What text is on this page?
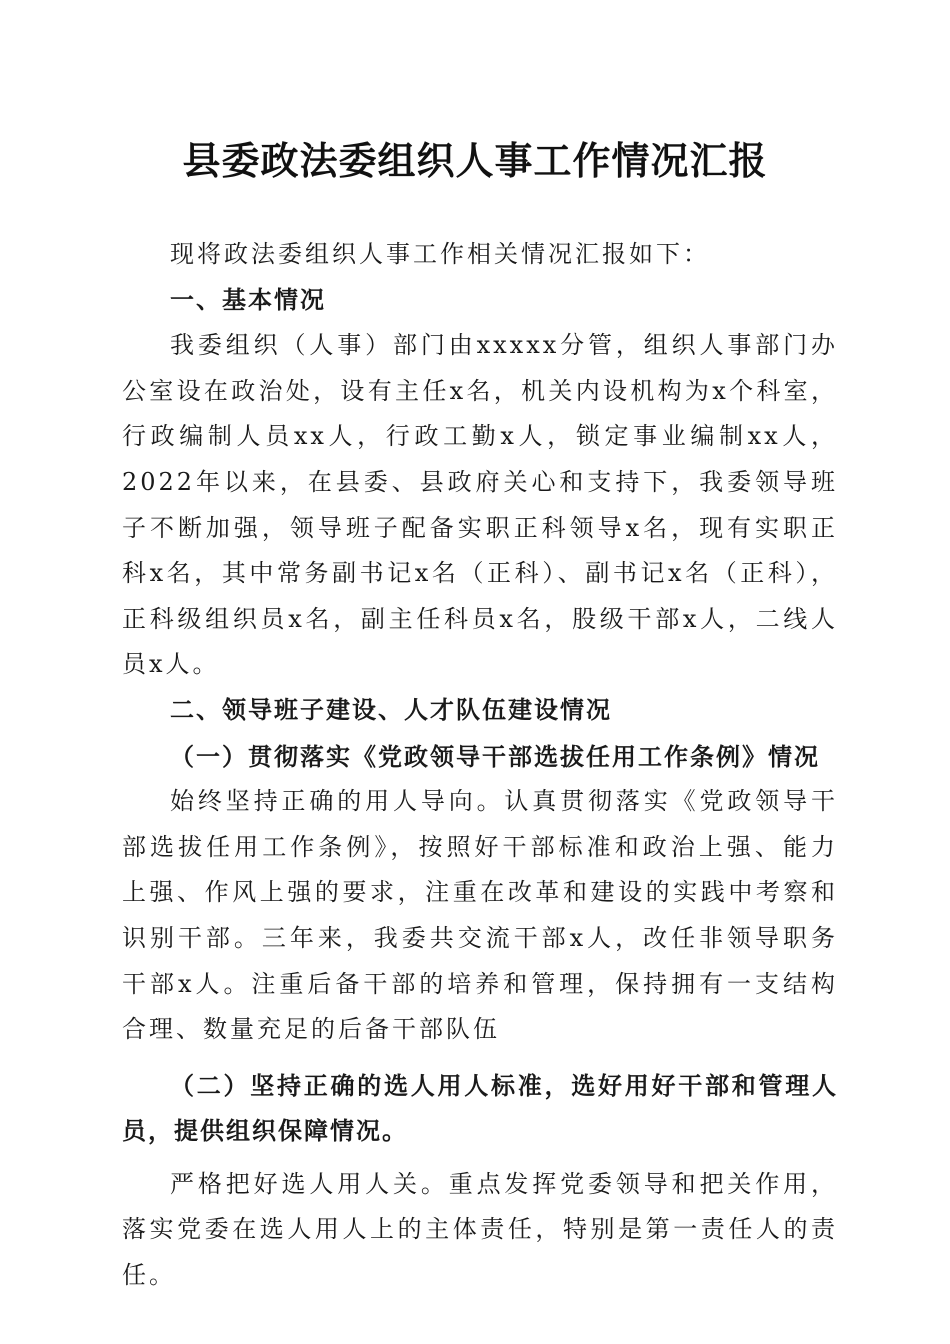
县委政法委组织人事工作情况汇报

现将政法委组织人事工作相关情况汇报如下：

一、基本情况

我委组织（人事）部门由xxxxx分管，组织人事部门办公室设在政治处，设有主任x名，机关内设机构为x个科室，行政编制人员xx人，行政工勤x人，锁定事业编制xx人，2022年以来，在县委、县政府关心和支持下，我委领导班子不断加强，领导班子配备实职正科领导x名，现有实职正科x名，其中常务副书记x名（正科）、副书记x名（正科），正科级组织员x名，副主任科员x名，股级干部x人，二线人员x人。

二、领导班子建设、人才队伍建设情况

（一）贯彻落实《党政领导干部选拔任用工作条例》情况

始终坚持正确的用人导向。认真贯彻落实《党政领导干部选拔任用工作条例》，按照好干部标准和政治上强、能力上强、作风上强的要求，注重在改革和建设的实践中考察和识别干部。三年来，我委共交流干部x人，改任非领导职务干部x人。注重后备干部的培养和管理，保持拥有一支结构合理、数量充足的后备干部队伍

（二）坚持正确的选人用人标准，选好用好干部和管理人员，提供组织保障情况。

严格把好选人用人关。重点发挥党委领导和把关作用，落实党委在选人用人上的主体责任，特别是第一责任人的责任。
